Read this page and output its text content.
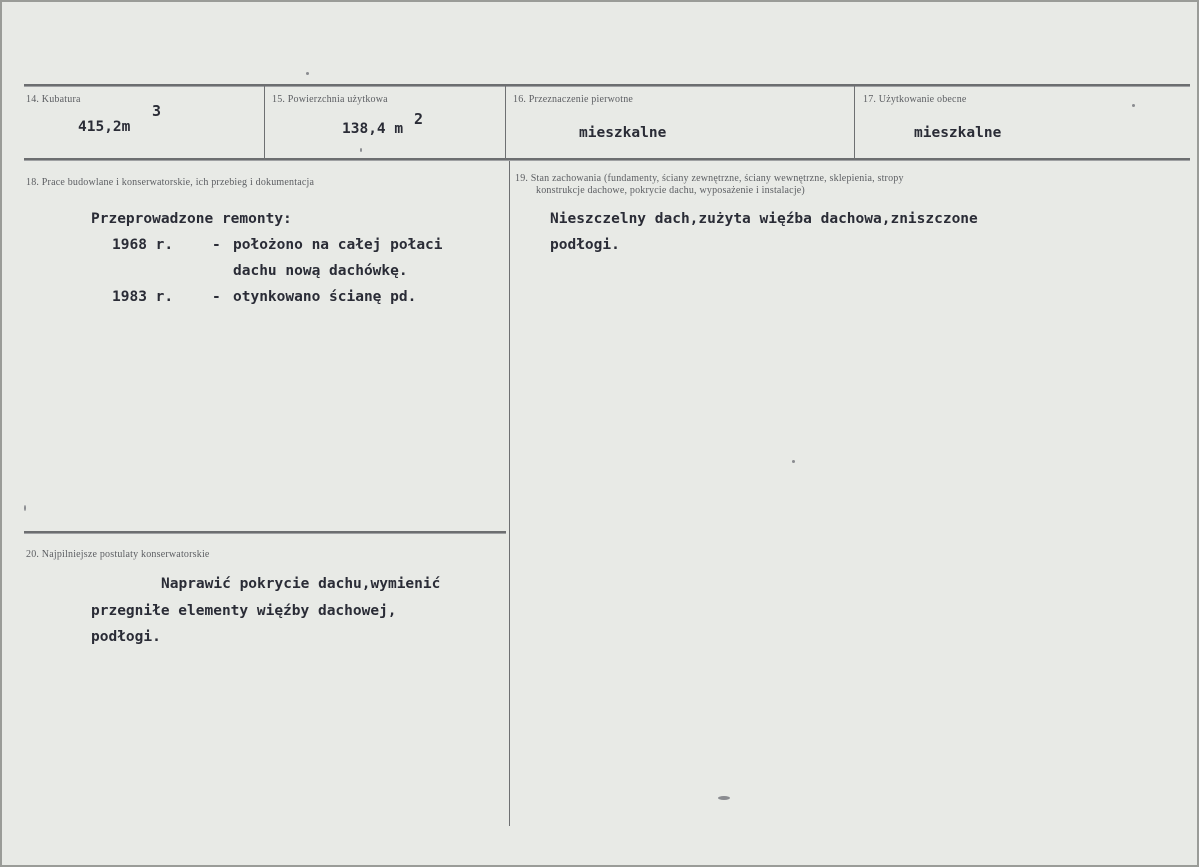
14. Kubatura
415,2m
3
15. Powierzchnia użytkowa
138,4 m
2
16. Przeznaczenie pierwotne
mieszkalne
17. Użytkowanie obecne
mieszkalne
18. Prace budowlane i konserwatorskie, ich przebieg i dokumentacja
Przeprowadzone remonty:
1968 r.	- położono na całej połaci
dachu nową dachówkę.
1983 r.	- otynkowano ścianę pd.
19. Stan zachowania (fundamenty, ściany zewnętrzne, ściany wewnętrzne, sklepienia, stropy
konstrukcje dachowe, pokrycie dachu, wyposażenie i instalacje)
Nieszczelny dach,zużyta więźba dachowa,zniszczone
podłogi.
20. Najpilniejsze postulaty konserwatorskie
Naprawić pokrycie dachu,wymienić
przegniłe elementy więźby dachowej,
podłogi.
